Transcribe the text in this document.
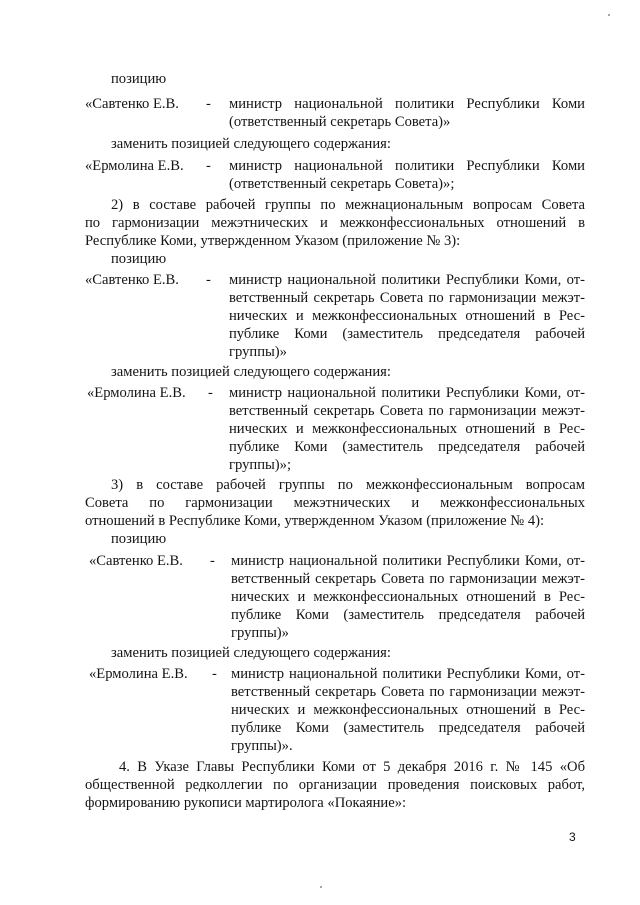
позицию

«Савтенко Е.В. - министр национальной политики Республики Коми

(ответственный секретарь Совета)»

заменить позицией следующего содержания:

«Ермолина Е.В. - министр национальной политики Республики Коми

(ответственный секретарь Совета)»;

2) в составе рабочей группы по межнациональным вопросам Совета

по гармонизации межэтнических и межконфессиональных отношений в

Республике Коми, утвержденном Указом (приложение № 3):

позицию

«Савтенко Е.В. - министр национальной политики Республики Коми, от-

ветственный секретарь Совета по гармонизации межэт-

нических и межконфессиональных отношений в Рес-

публике Коми (заместитель председателя рабочей

группы)»

заменить позицией следующего содержания:

«Ермолина Е.В. - министр национальной политики Республики Коми, от-

ветственный секретарь Совета по гармонизации межэт-

нических и межконфессиональных отношений в Рес-

публике Коми (заместитель председателя рабочей

группы)»;

3) в составе рабочей группы по межконфессиональным вопросам

Совета по гармонизации межэтнических и межконфессиональных

отношений в Республике Коми, утвержденном Указом (приложение № 4):

позицию

«Савтенко Е.В. - министр национальной политики Республики Коми, от-

ветственный секретарь Совета по гармонизации межэт-

нических и межконфессиональных отношений в Рес-

публике Коми (заместитель председателя рабочей

группы)»

заменить позицией следующего содержания:

«Ермолина Е.В. - министр национальной политики Республики Коми, от-

ветственный секретарь Совета по гармонизации межэт-

нических и межконфессиональных отношений в Рес-

публике Коми (заместитель председателя рабочей

группы)».

4. В Указе Главы Республики Коми от 5 декабря 2016 г. № 145 «Об

общественной редколлегии по организации проведения поисковых работ,

формированию рукописи мартиролога «Покаяние»:

3
